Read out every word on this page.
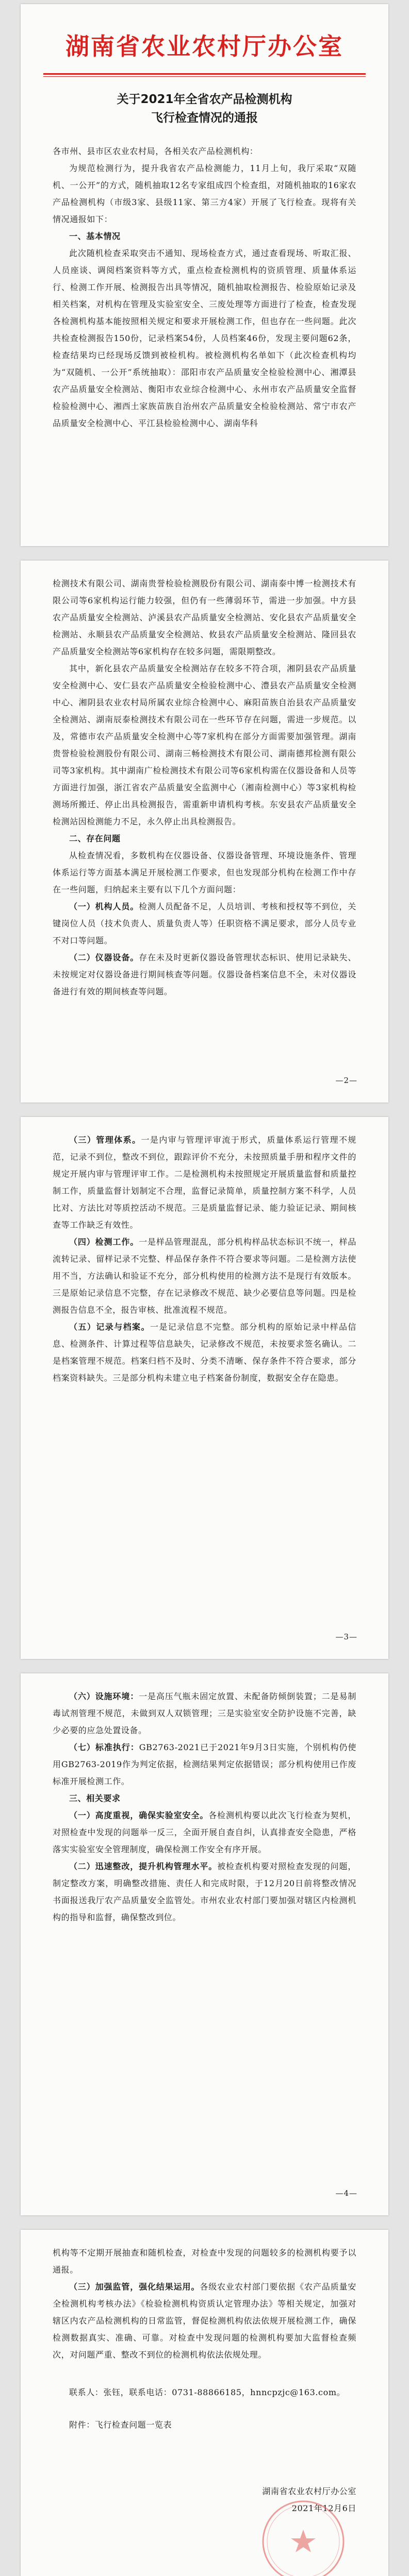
湖南省农业农村厅办公室
关于2021年全省农产品检测机构
飞行检查情况的通报

各市州、县市区农业农村局，各相关农产品检测机构：

为规范检测行为，提升我省农产品检测能力，11月上旬，我厅采取“双随机、一公开”的方式，随机抽取12名专家组成四个检查组，对随机抽取的16家农产品检测机构（市级3家、县级11家、第三方4家）开展了飞行检查。现将有关情况通报如下：

一、基本情况

此次随机检查采取突击不通知、现场检查方式，通过查看现场、听取汇报、人员座谈、调阅档案资料等方式，重点检查检测机构的资质管理、质量体系运行、检测工作开展、检测报告出具等情况，随机抽取检测报告、检验原始记录及相关档案，对机构在管理及实验室安全、三废处理等方面进行了检查，检查发现各检测机构基本能按照相关规定和要求开展检测工作，但也存在一些问题。此次共检查检测报告150份，记录档案54份，人员档案46份，发现主要问题62条，检查结果均已经现场反馈到被检机构。被检测机构名单如下（此次检查机构均为“双随机、一公开”系统抽取）：邵阳市农产品质量安全检验检测中心、湘潭县农产品质量安全检测站、衡阳市农业综合检测中心、永州市农产品质量安全监督检验检测中心、湘西土家族苗族自治州农产品质量安全检验检测站、常宁市农产品质量安全检测中心、平江县检验检测中心、湖南华科

检测技术有限公司、湖南贵誉检验检测股份有限公司、湖南泰中博一检测技术有限公司等6家机构运行能力较强，但仍有一些薄弱环节，需进一步加强。中方县农产品质量安全检测站、泸溪县农产品质量安全检测站、安化县农产品质量安全检测站、永顺县农产品质量安全检测站、攸县农产品质量安全检测站、隆回县农产品质量安全检测站等6家机构存在较多问题，需限期整改。

其中，新化县农产品质量安全检测站存在较多不符合项，湘阴县农产品质量安全检测中心、安仁县农产品质量安全检验检测中心、澧县农产品质量安全检测中心、湘阴县农业农村局所属农业综合检测中心、麻阳苗族自治县农产品质量安全检测站、湖南辰泰检测技术有限公司在一些环节存在问题，需进一步规范。以及，常德市农产品质量安全检测中心等7家机构在部分方面需要加强管理。湖南贵誉检验检测股份有限公司、湖南三畅检测技术有限公司、湖南德邦检测有限公司等3家机构。其中湖南广检检测技术有限公司等6家机构需在仪器设备和人员等方面进行加强，浙江省农产品质量安全监测中心（湘南检测中心）等3家机构检测场所搬迁、停止出具检测报告，需重新申请机构考核。东安县农产品质量安全检测站因检测能力不足，永久停止出具检测报告。

二、存在问题

从检查情况看，多数机构在仪器设备、仪器设备管理、环境设施条件、管理体系运行等方面基本满足开展检测工作要求，但也发现部分机构在检测工作中存在一些问题，归纳起来主要有以下几个方面问题：

（一）机构人员。检测人员配备不足，人员培训、考核和授权等不到位，关键岗位人员（技术负责人、质量负责人等）任职资格不满足要求，部分人员专业不对口等问题。

（二）仪器设备。存在未及时更新仪器设备管理状态标识、使用记录缺失、未按规定对仪器设备进行期间核查等问题。仪器设备档案信息不全，未对仪器设备进行有效的期间核查等问题。

—2—

（三）管理体系。一是内审与管理评审流于形式，质量体系运行管理不规范，记录不到位，整改不到位，跟踪评价不充分，未按照质量手册和程序文件的规定开展内审与管理评审工作。二是检测机构未按照规定开展质量监督和质量控制工作，质量监督计划制定不合理，监督记录简单，质量控制方案不科学，人员比对、方法比对等质控活动不规范。三是质量监督记录、能力验证记录、期间核查等工作缺乏有效性。

（四）检测工作。一是样品管理混乱，部分机构样品状态标识不统一，样品流转记录、留样记录不完整、样品保存条件不符合要求等问题。二是检测方法使用不当，方法确认和验证不充分，部分机构使用的检测方法不是现行有效版本。三是原始记录信息不完整，存在记录修改不规范、缺少必要信息等问题。四是检测报告信息不全，报告审核、批准流程不规范。

（五）记录与档案。一是记录信息不完整。部分机构的原始记录中样品信息、检测条件、计算过程等信息缺失，记录修改不规范，未按要求签名确认。二是档案管理不规范。档案归档不及时、分类不清晰、保存条件不符合要求，部分档案资料缺失。三是部分机构未建立电子档案备份制度，数据安全存在隐患。

—3—

（六）设施环境：一是高压气瓶未固定放置、未配备防倾倒装置；二是易制毒试剂管理不规范，未做到双人双锁管理；三是实验室安全防护设施不完善，缺少必要的应急处置设备。

（七）标准执行：GB2763-2021已于2021年9月3日实施，个别机构仍使用GB2763-2019作为判定依据，检测结果判定依据错误；部分机构使用已作废标准开展检测工作。

三、相关要求

（一）高度重视，确保实验室安全。各检测机构要以此次飞行检查为契机，对照检查中发现的问题举一反三，全面开展自查自纠，认真排查安全隐患，严格落实实验室安全管理制度，确保检测工作安全有序开展。

（二）迅速整改，提升机构管理水平。被检查机构要对照检查发现的问题，制定整改方案，明确整改措施、责任人和完成时限，于12月20日前将整改情况书面报送我厅农产品质量安全监管处。市州农业农村部门要加强对辖区内检测机构的指导和监督，确保整改到位。

—4—

机构等不定期开展抽查和随机检查，对检查中发现的问题较多的检测机构要予以通报。

（三）加强监管，强化结果运用。各级农业农村部门要依据《农产品质量安全检测机构考核办法》《检验检测机构资质认定管理办法》等相关规定，加强对辖区内农产品检测机构的日常监管，督促检测机构依法依规开展检测工作，确保检测数据真实、准确、可靠。对检查中发现问题的检测机构要加大监督检查频次，对问题严重、整改不到位的检测机构依法依规处理。

联系人：张钰，联系电话：0731-88866185，hnncpzjc@163.com。

附件：飞行检查问题一览表

湖南省农业农村厅办公室
2021年12月6日
